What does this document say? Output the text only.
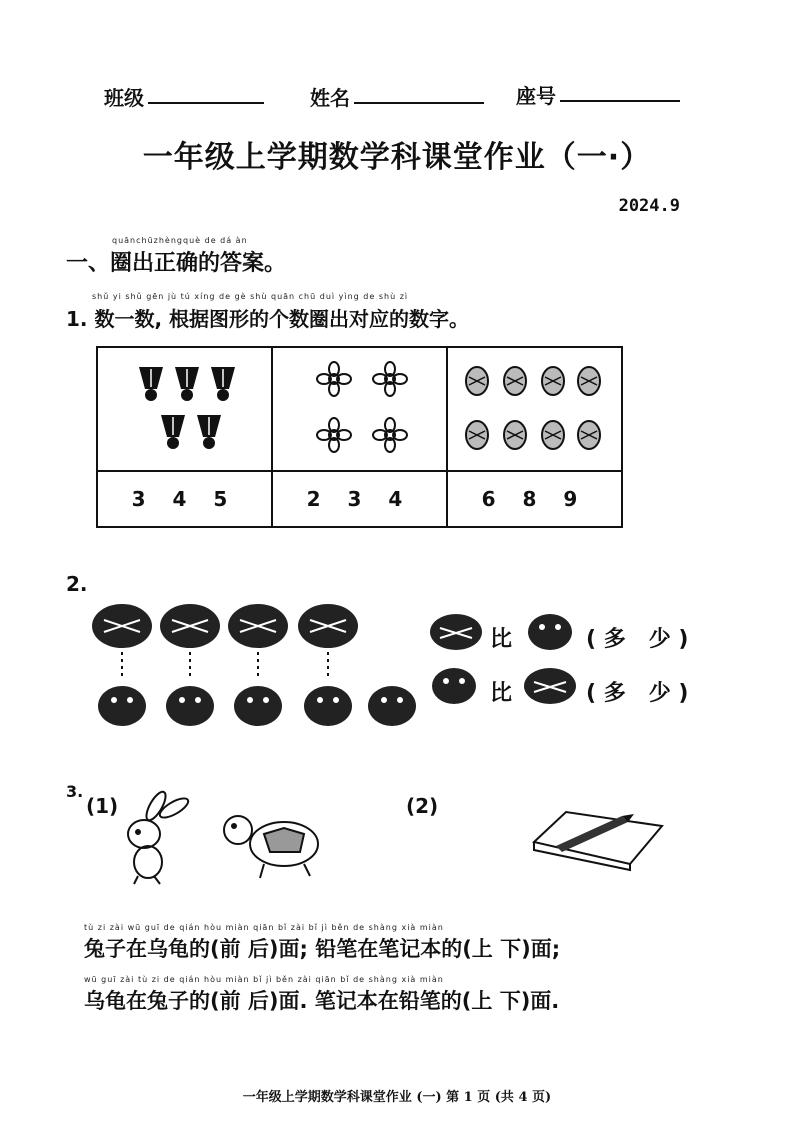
班级	姓名	座号
一年级上学期数学科课堂作业（一·）
2024.9
quānchūzhèngquè de dá àn
一、圈出正确的答案。
shǔ yi shǔ gēn jù tú xíng de gè shù quān chū duì yìng de shù zì
1. 数一数, 根据图形的个数圈出对应的数字。

3 4 5	2 3 4	6 8 9
2.
比	( 多   少 )
比	( 多   少 )
3.
(1)	(2)
tù zi zài wū guī de qián hòu miàn qiān bǐ zài bǐ jì běn de shàng xià miàn
兔子在乌龟的(前 后)面; 铅笔在笔记本的(上 下)面;
wū guī zài tù zi de qián hòu miàn bǐ jì běn zài qiān bǐ de shàng xià miàn
乌龟在兔子的(前 后)面. 笔记本在铅笔的(上 下)面.
一年级上学期数学科课堂作业 (一) 第 1 页 (共 4 页)
